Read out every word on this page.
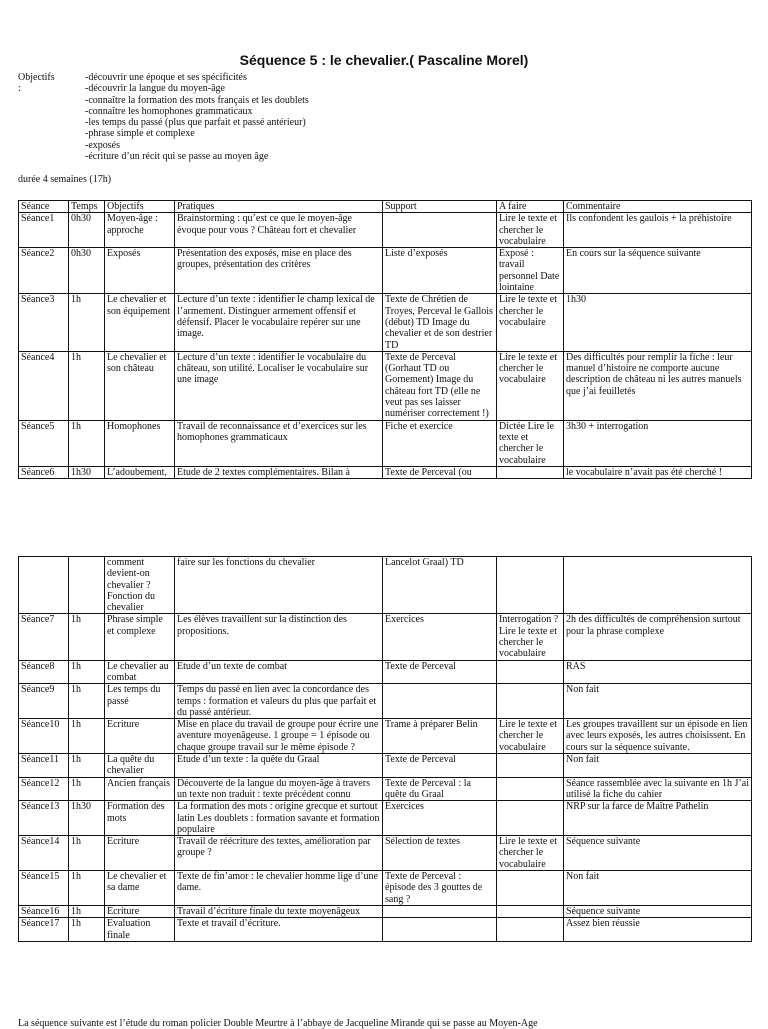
Séquence 5 : le chevalier.( Pascaline Morel)
Objectifs :
-découvrir une époque et ses spécificités
-découvrir la langue du moyen-âge
-connaître la formation des mots français et les doublets
-connaître les homophones grammaticaux
-les temps du passé (plus que parfait et passé antérieur)
-phrase simple et complexe
-exposés
-écriture d’un récit qui se passe au moyen âge
durée 4 semaines (17h)
Séance	Temps	Objectifs	Pratiques	Support	A faire	Commentaire
Séance1	0h30	Moyen-âge : approche	Brainstorming : qu’est ce que le moyen-âge évoque pour vous ? Château fort et chevalier		Lire le texte et chercher le vocabulaire	Ils confondent les gaulois + la préhistoire
Séance2	0h30	Exposés	Présentation des exposés, mise en place des groupes, présentation des critères	Liste d’exposés	Exposé : travail personnel Date lointaine	En cours sur la séquence suivante
Séance3	1h	Le chevalier et son équipement	Lecture d’un texte : identifier le champ lexical de l’armement. Distinguer armement offensif et défensif. Placer le vocabulaire repérer sur une image.	Texte de Chrétien de Troyes, Perceval le Gallois (début) TD Image du chevalier et de son destrier TD	Lire le texte et chercher le vocabulaire	1h30
Séance4	1h	Le chevalier et son château	Lecture d’un texte : identifier le vocabulaire du château, son utilité. Localiser le vocabulaire sur une image	Texte de Perceval (Gorhaut TD ou Gornement) Image du château fort TD (elle ne veut pas ses laisser numériser correctement !)	Lire le texte et chercher le vocabulaire	Des difficultés pour remplir la fiche : leur manuel d’histoire ne comporte aucune description de château ni les autres manuels que j’ai feuilletés
Séance5	1h	Homophones	Travail de reconnaissance et d’exercices sur les homophones grammaticaux	Fiche et exercice	Dictée Lire le texte et chercher le vocabulaire	3h30 + interrogation
Séance6	1h30	L’adoubement,	Etude de 2 textes complémentaires. Bilan à	Texte de Perceval (ou		le vocabulaire n’avait pas été cherché !
		comment devient-on chevalier ? Fonction du chevalier	faire sur les fonctions du chevalier	Lancelot Graal) TD		
Séance7	1h	Phrase simple et complexe	Les élèves travaillent sur la distinction des propositions.	Exercices	Interrogation ? Lire le texte et chercher le vocabulaire	2h des difficultés de compréhension surtout pour la phrase complexe
Séance8	1h	Le chevalier au combat	Etude d’un texte de combat	Texte de Perceval		RAS
Séance9	1h	Les temps du passé	Temps du passé en lien avec la concordance des temps : formation et valeurs du plus que parfait et du passé antérieur.			Non fait
Séance10	1h	Ecriture	Mise en place du travail de groupe pour écrire une aventure moyenâgeuse. 1 groupe = 1 épisode ou chaque groupe travail sur le même épisode ?	Trame à préparer Belin	Lire le texte et chercher le vocabulaire	Les groupes travaillent sur un épisode en lien avec leurs exposés, les autres choisissent. En cours sur la séquence suivante.
Séance11	1h	La quête du chevalier	Etude d’un texte : la quête du Graal	Texte de Perceval		Non fait
Séance12	1h	Ancien français	Découverte de la langue du moyen-âge à travers un texte non traduit : texte précédent connu	Texte de Perceval : la quête du Graal		Séance rassemblée avec la suivante en 1h J’ai utilisé la fiche du cahier
Séance13	1h30	Formation des mots	La formation des mots : origine grecque et surtout latin Les doublets : formation savante et formation populaire	Exercices		NRP sur la farce de Maître Pathelin
Séance14	1h	Ecriture	Travail de réécriture des textes, amélioration par groupe ?	Sélection de textes	Lire le texte et chercher le vocabulaire	Séquence suivante
Séance15	1h	Le chevalier et sa dame	Texte de fin’amor : le chevalier homme lige d’une dame.	Texte de Perceval : épisode des 3 gouttes de sang ?		Non fait
Séance16	1h	Ecriture	Travail d’écriture finale du texte moyenâgeux			Séquence suivante
Séance17	1h	Evaluation finale	Texte et travail d’écriture.			Assez bien réussie
La séquence suivante est l’étude du roman policier Double Meurtre à l’abbaye de Jacqueline Mirande qui se passe au Moyen-Age
